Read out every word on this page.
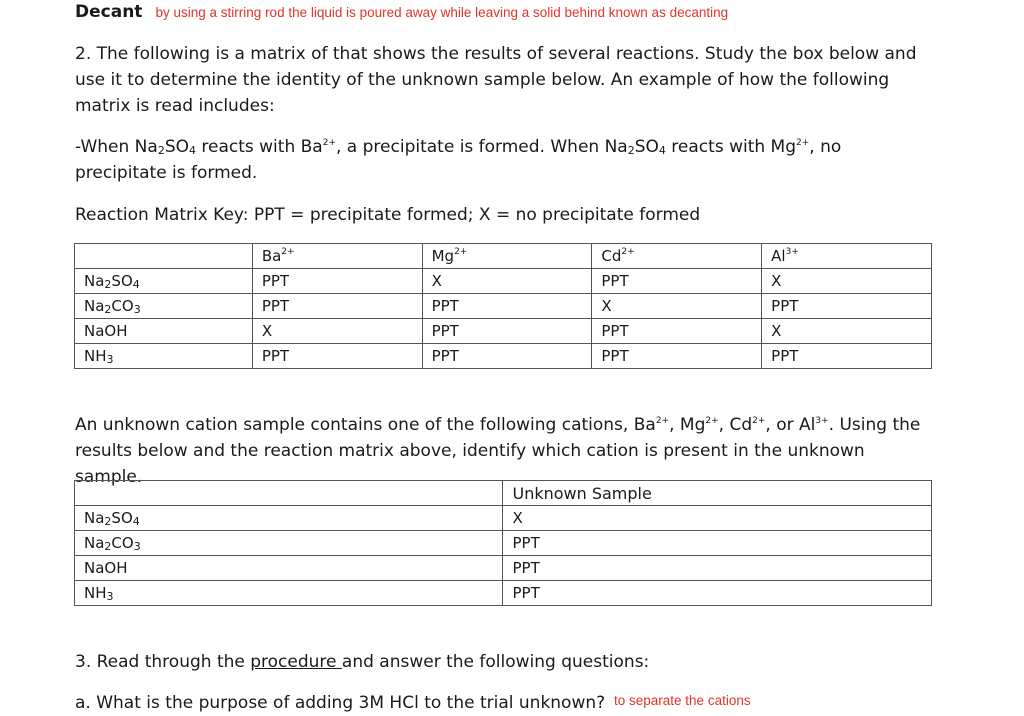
Decant by using a stirring rod the liquid is poured away while leaving a solid behind known as decanting
2. The following is a matrix of that shows the results of several reactions. Study the box below and use it to determine the identity of the unknown sample below. An example of how the following matrix is read includes:
-When $Na_2SO_4$ reacts with $Ba^{2+}$, a precipitate is formed. When $Na_2SO_4$ reacts with $Mg^{2+}$, no precipitate is formed.
Reaction Matrix Key: PPT = precipitate formed; X = no precipitate formed
	$Ba^{2+}$	$Mg^{2+}$	$Cd^{2+}$	$Al^{3+}$
$Na_2SO_4$	PPT	X	PPT	X
$Na_2CO_3$	PPT	PPT	X	PPT
NaOH	X	PPT	PPT	X
$NH_3$	PPT	PPT	PPT	PPT
An unknown cation sample contains one of the following cations, $Ba^{2+}$, $Mg^{2+}$, $Cd^{2+}$, or $Al^{3+}$. Using the results below and the reaction matrix above, identify which cation is present in the unknown sample.
	Unknown Sample
$Na_2SO_4$	X
$Na_2CO_3$	PPT
NaOH	PPT
$NH_3$	PPT
3. Read through the procedure and answer the following questions:
a. What is the purpose of adding 3M HCl to the trial unknown? to separate the cations
